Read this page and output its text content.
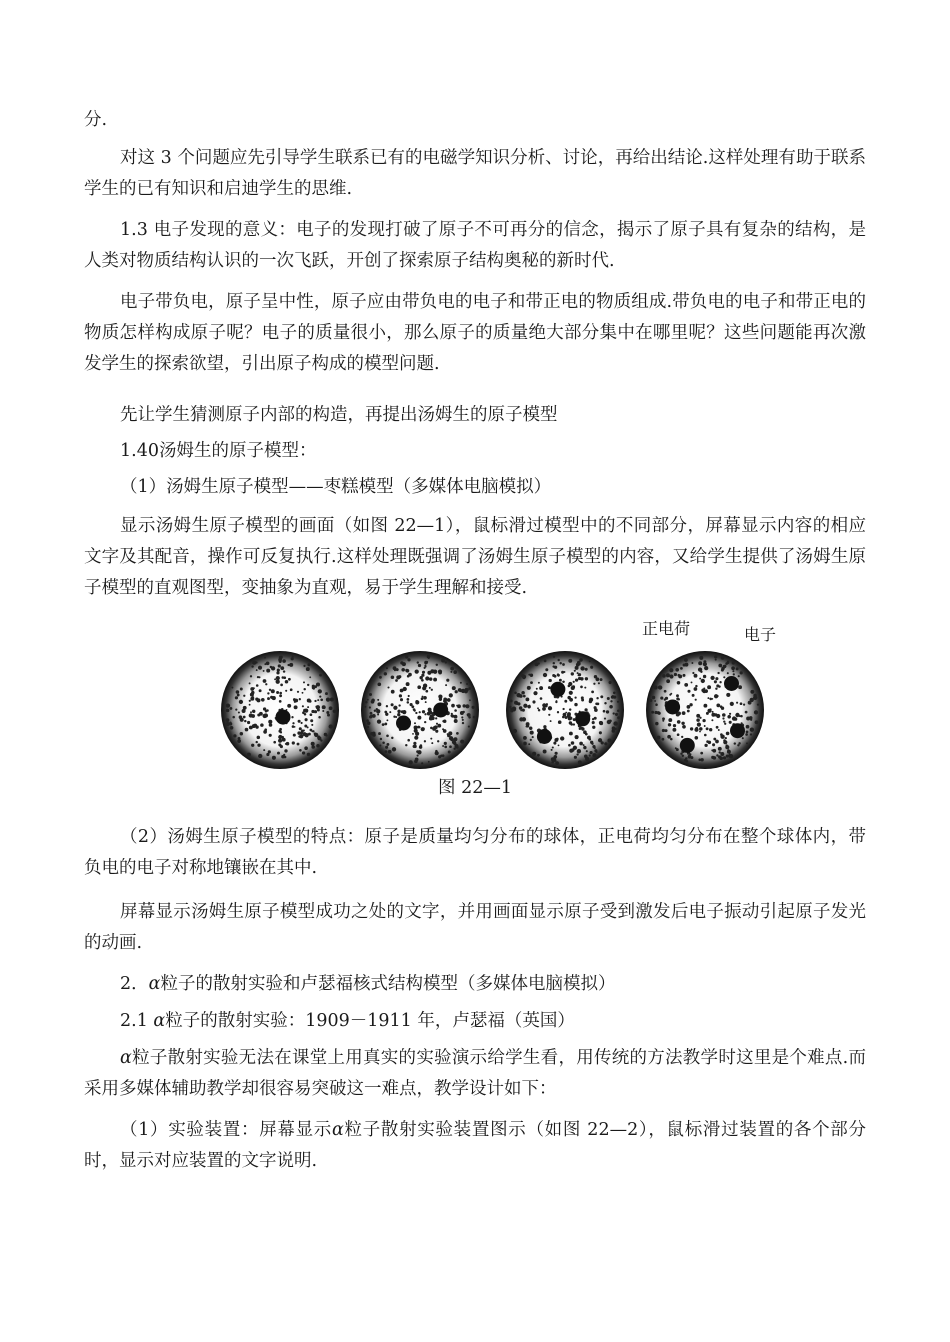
分.

对这 3 个问题应先引导学生联系已有的电磁学知识分析、讨论，再给出结论.这样处理有助于联系学生的已有知识和启迪学生的思维.

1.3 电子发现的意义：电子的发现打破了原子不可再分的信念，揭示了原子具有复杂的结构，是人类对物质结构认识的一次飞跃，开创了探索原子结构奥秘的新时代.

电子带负电，原子呈中性，原子应由带负电的电子和带正电的物质组成.带负电的电子和带正电的物质怎样构成原子呢？电子的质量很小，那么原子的质量绝大部分集中在哪里呢？这些问题能再次激发学生的探索欲望，引出原子构成的模型问题.

先让学生猜测原子内部的构造，再提出汤姆生的原子模型

1.40汤姆生的原子模型：

（1）汤姆生原子模型——枣糕模型（多媒体电脑模拟）

显示汤姆生原子模型的画面（如图 22—1），鼠标滑过模型中的不同部分，屏幕显示内容的相应文字及其配音，操作可反复执行.这样处理既强调了汤姆生原子模型的内容，又给学生提供了汤姆生原子模型的直观图型，变抽象为直观，易于学生理解和接受.

正电荷	电子
图 22—1

（2）汤姆生原子模型的特点：原子是质量均匀分布的球体，正电荷均匀分布在整个球体内，带负电的电子对称地镶嵌在其中.

屏幕显示汤姆生原子模型成功之处的文字，并用画面显示原子受到激发后电子振动引起原子发光的动画.

2．α粒子的散射实验和卢瑟福核式结构模型（多媒体电脑模拟）

2.1 α粒子的散射实验：1909－1911 年，卢瑟福（英国）

α粒子散射实验无法在课堂上用真实的实验演示给学生看，用传统的方法教学时这里是个难点.而采用多媒体辅助教学却很容易突破这一难点，教学设计如下：

（1）实验装置：屏幕显示α粒子散射实验装置图示（如图 22—2），鼠标滑过装置的各个部分时，显示对应装置的文字说明.
